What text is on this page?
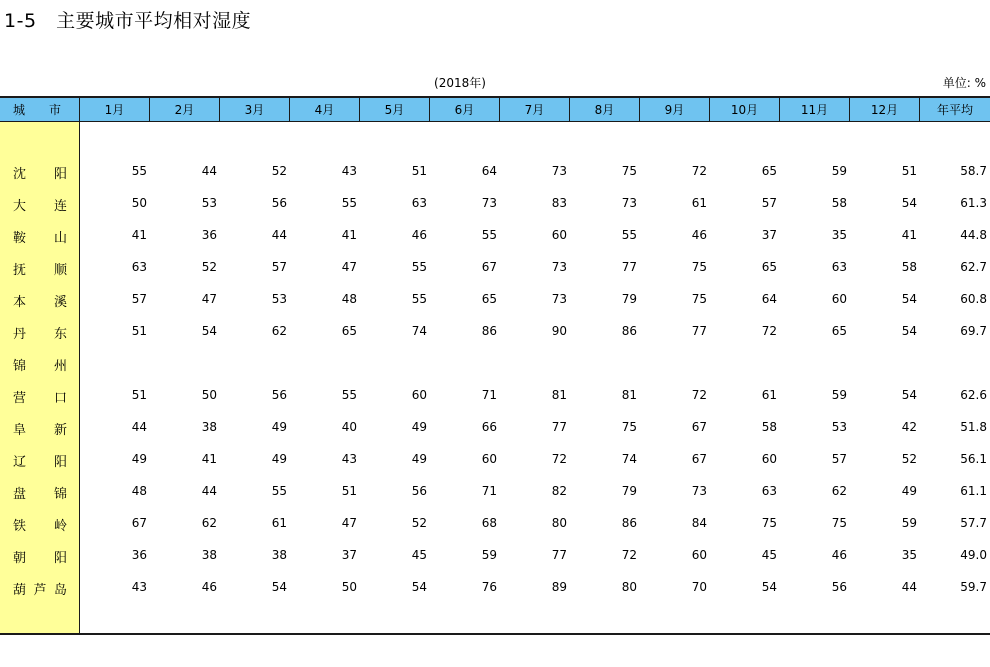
1-5   主要城市平均相对湿度
(2018年)	单位: %
城　　市	1月	2月	3月	4月	5月	6月	7月	8月	9月	10月	11月	12月	年平均
沈 阳	55	44	52	43	51	64	73	75	72	65	59	51	58.7
大 连	50	53	56	55	63	73	83	73	61	57	58	54	61.3
鞍 山	41	36	44	41	46	55	60	55	46	37	35	41	44.8
抚 顺	63	52	57	47	55	67	73	77	75	65	63	58	62.7
本 溪	57	47	53	48	55	65	73	79	75	64	60	54	60.8
丹 东	51	54	62	65	74	86	90	86	77	72	65	54	69.7
锦 州
营 口	51	50	56	55	60	71	81	81	72	61	59	54	62.6
阜 新	44	38	49	40	49	66	77	75	67	58	53	42	51.8
辽 阳	49	41	49	43	49	60	72	74	67	60	57	52	56.1
盘 锦	48	44	55	51	56	71	82	79	73	63	62	49	61.1
铁 岭	67	62	61	47	52	68	80	86	84	75	75	59	57.7
朝 阳	36	38	38	37	45	59	77	72	60	45	46	35	49.0
葫 芦 岛	43	46	54	50	54	76	89	80	70	54	56	44	59.7
